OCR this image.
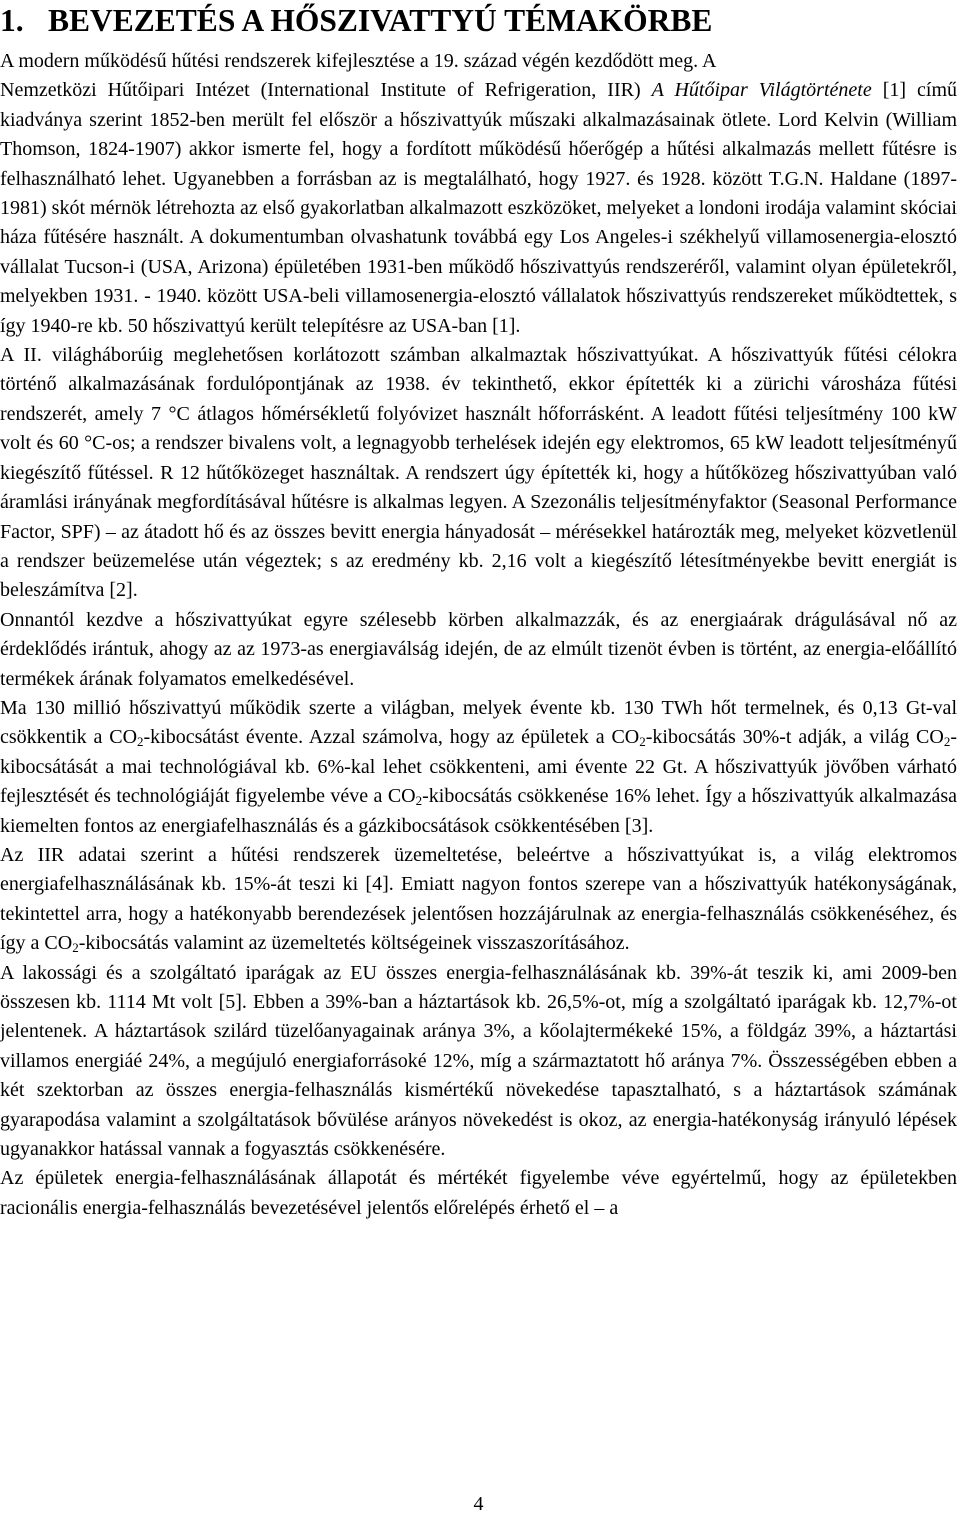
1. BEVEZETÉS A HŐSZIVATTYÚ TÉMAKÖRBE

A modern működésű hűtési rendszerek kifejlesztése a 19. század végén kezdődött meg. A
Nemzetközi Hűtőipari Intézet (International Institute of Refrigeration, IIR) A Hűtőipar Világtörténete [1] című kiadványa szerint 1852-ben merült fel először a hőszivattyúk műszaki alkalmazásainak ötlete. Lord Kelvin (William Thomson, 1824-1907) akkor ismerte fel, hogy a fordított működésű hőerőgép a hűtési alkalmazás mellett fűtésre is felhasználható lehet. Ugyanebben a forrásban az is megtalálható, hogy 1927. és 1928. között T.G.N. Haldane (1897-1981) skót mérnök létrehozta az első gyakorlatban alkalmazott eszközöket, melyeket a londoni irodája valamint skóciai háza fűtésére használt. A dokumentumban olvashatunk továbbá egy Los Angeles-i székhelyű villamosenergia-elosztó vállalat Tucson-i (USA, Arizona) épületében 1931-ben működő hőszivattyús rendszeréről, valamint olyan épületekről, melyekben 1931. - 1940. között USA-beli villamosenergia-elosztó vállalatok hőszivattyús rendszereket működtettek, s így 1940-re kb. 50 hőszivattyú került telepítésre az USA-ban [1].

A II. világháborúig meglehetősen korlátozott számban alkalmaztak hőszivattyúkat. A hőszivattyúk fűtési célokra történő alkalmazásának fordulópontjának az 1938. év tekinthető, ekkor építették ki a zürichi városháza fűtési rendszerét, amely 7 °C átlagos hőmérsékletű folyóvizet használt hőforrásként. A leadott fűtési teljesítmény 100 kW volt és 60 °C-os; a rendszer bivalens volt, a legnagyobb terhelések idején egy elektromos, 65 kW leadott teljesítményű kiegészítő fűtéssel. R 12 hűtőközeget használtak. A rendszert úgy építették ki, hogy a hűtőközeg hőszivattyúban való áramlási irányának megfordításával hűtésre is alkalmas legyen. A Szezonális teljesítményfaktor (Seasonal Performance Factor, SPF) – az átadott hő és az összes bevitt energia hányadosát – mérésekkel határozták meg, melyeket közvetlenül a rendszer beüzemelése után végeztek; s az eredmény kb. 2,16 volt a kiegészítő létesítményekbe bevitt energiát is beleszámítva [2].

Onnantól kezdve a hőszivattyúkat egyre szélesebb körben alkalmazzák, és az energiaárak drágulásával nő az érdeklődés irántuk, ahogy az az 1973-as energiaválság idején, de az elmúlt tizenöt évben is történt, az energia-előállító termékek árának folyamatos emelkedésével.

Ma 130 millió hőszivattyú működik szerte a világban, melyek évente kb. 130 TWh hőt termelnek, és 0,13 Gt-val csökkentik a $CO_2$-kibocsátást évente. Azzal számolva, hogy az épületek a $CO_2$-kibocsátás 30%-t adják, a világ $CO_2$-kibocsátását a mai technológiával kb. 6%-kal lehet csökkenteni, ami évente 22 Gt. A hőszivattyúk jövőben várható fejlesztését és technológiáját figyelembe véve a $CO_2$-kibocsátás csökkenése 16% lehet. Így a hőszivattyúk alkalmazása kiemelten fontos az energiafelhasználás és a gázkibocsátások csökkentésében [3].

Az IIR adatai szerint a hűtési rendszerek üzemeltetése, beleértve a hőszivattyúkat is, a világ elektromos energiafelhasználásának kb. 15%-át teszi ki [4]. Emiatt nagyon fontos szerepe van a hőszivattyúk hatékonyságának, tekintettel arra, hogy a hatékonyabb berendezések jelentősen hozzájárulnak az energia-felhasználás csökkenéséhez, és így a $CO_2$-kibocsátás valamint az üzemeltetés költségeinek visszaszorításához.

A lakossági és a szolgáltató iparágak az EU összes energia-felhasználásának kb. 39%-át teszik ki, ami 2009-ben összesen kb. 1114 Mt volt [5]. Ebben a 39%-ban a háztartások kb. 26,5%-ot, míg a szolgáltató iparágak kb. 12,7%-ot jelentenek. A háztartások szilárd tüzelőanyagainak aránya 3%, a kőolajtermékeké 15%, a földgáz 39%, a háztartási villamos energiáé 24%, a megújuló energiaforrásoké 12%, míg a származtatott hő aránya 7%. Összességében ebben a két szektorban az összes energia-felhasználás kismértékű növekedése tapasztalható, s a háztartások számának gyarapodása valamint a szolgáltatások bővülése arányos növekedést is okoz, az energia-hatékonyság irányuló lépések ugyanakkor hatással vannak a fogyasztás csökkenésére.

Az épületek energia-felhasználásának állapotát és mértékét figyelembe véve egyértelmű, hogy az épületekben racionális energia-felhasználás bevezetésével jelentős előrelépés érhető el – a

4
